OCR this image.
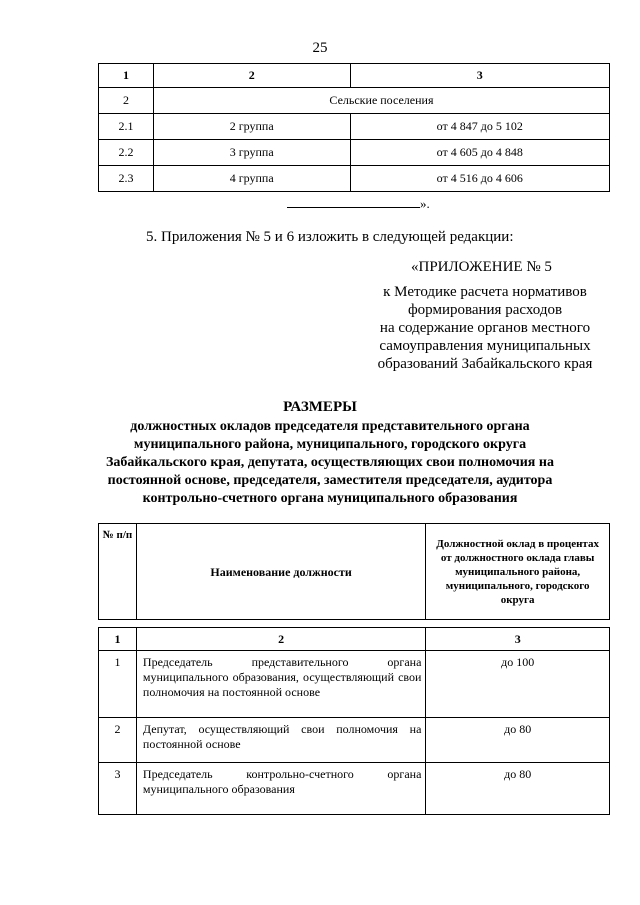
25
1	2	3
2	Сельские поселения	
2.1	2 группа	от 4 847 до 5 102
2.2	3 группа	от 4 605 до 4 848
2.3	4 группа	от 4 516 до 4 606
».
5. Приложения № 5 и 6 изложить в следующей редакции:
«ПРИЛОЖЕНИЕ № 5
к Методике расчета нормативов
формирования расходов
на содержание органов местного
самоуправления муниципальных
образований Забайкальского края
РАЗМЕРЫ
должностных окладов председателя представительного органа муниципального района, муниципального, городского округа Забайкальского края, депутата, осуществляющих свои полномочия на постоянной основе, председателя, заместителя председателя, аудитора контрольно-счетного органа муниципального образования
№ п/п	Наименование должности	Должностной оклад в процентах от должностного оклада главы муниципального района, муниципального, городского округа
1	2	3
1	Председатель представительного органа муниципального образования, осуществляющий свои полномочия на постоянной основе	до 100
2	Депутат, осуществляющий свои полномочия на постоянной основе	до 80
3	Председатель контрольно-счетного органа муниципального образования	до 80
